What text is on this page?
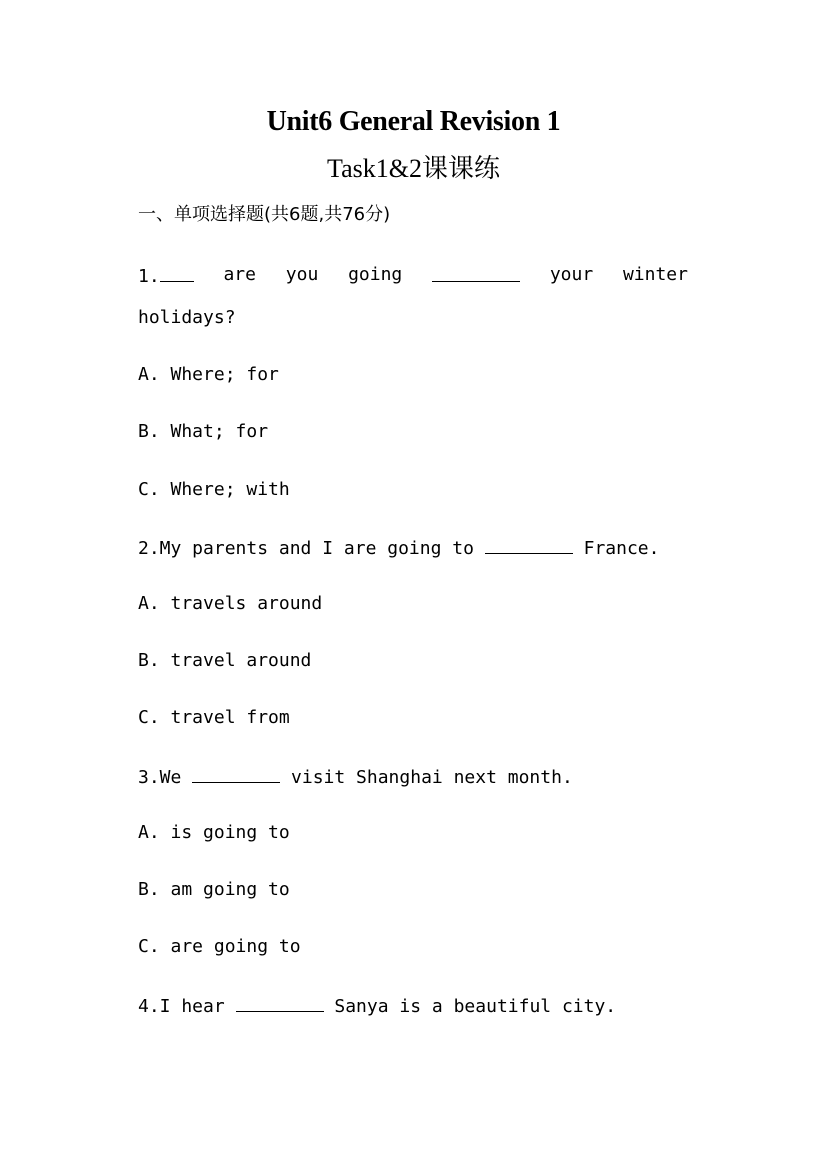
Unit6 General Revision 1
Task1&2课课练
一、单项选择题(共6题,共76分)
1.	are you going	your winter
holidays?
A. Where; for
B. What; for
C. Where; with
2.My parents and I are going to	France.
A. travels around
B. travel around
C. travel from
3.We	visit Shanghai next month.
A. is going to
B. am going to
C. are going to
4.I hear	Sanya is a beautiful city.
